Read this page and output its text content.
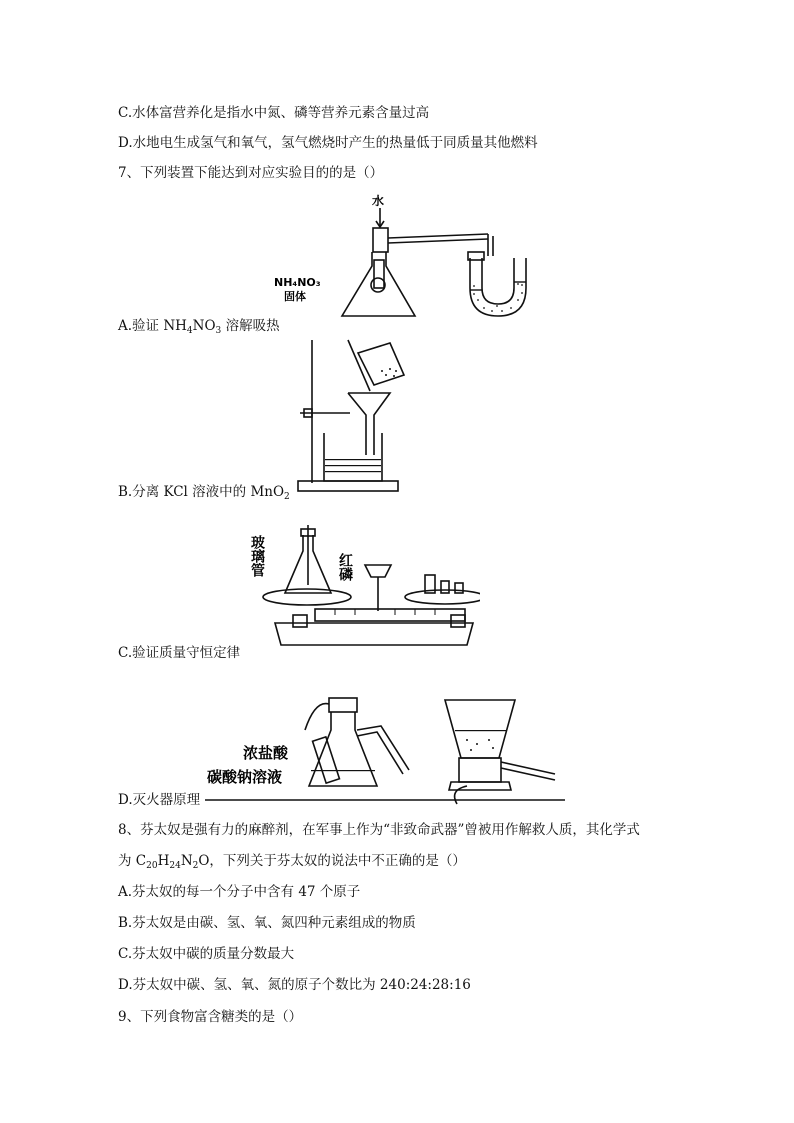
C.水体富营养化是指水中氮、磷等营养元素含量过高
D.水地电生成氢气和氧气，氢气燃烧时产生的热量低于同质量其他燃料
7、下列装置下能达到对应实验目的的是（）
A.验证 $NH_4NO_3$ 溶解吸热
B.分离 KCl 溶液中的 MnO$_2$
C.验证质量守恒定律
D.灭火器原理
8、芬太奴是强有力的麻醉剂，在军事上作为“非致命武器”曾被用作解救人质，其化学式
为 $C_{20}H_{24}N_2O$，下列关于芬太奴的说法中不正确的是（）
A.芬太奴的每一个分子中含有 47 个原子
B.芬太奴是由碳、氢、氧、氮四种元素组成的物质
C.芬太奴中碳的质量分数最大
D.芬太奴中碳、氢、氧、氮的原子个数比为 240:24:28:16
9、下列食物富含糖类的是（）
水
NH₄NO₃
固体
玻璃管	红磷
浓盐酸
碳酸钠溶液
